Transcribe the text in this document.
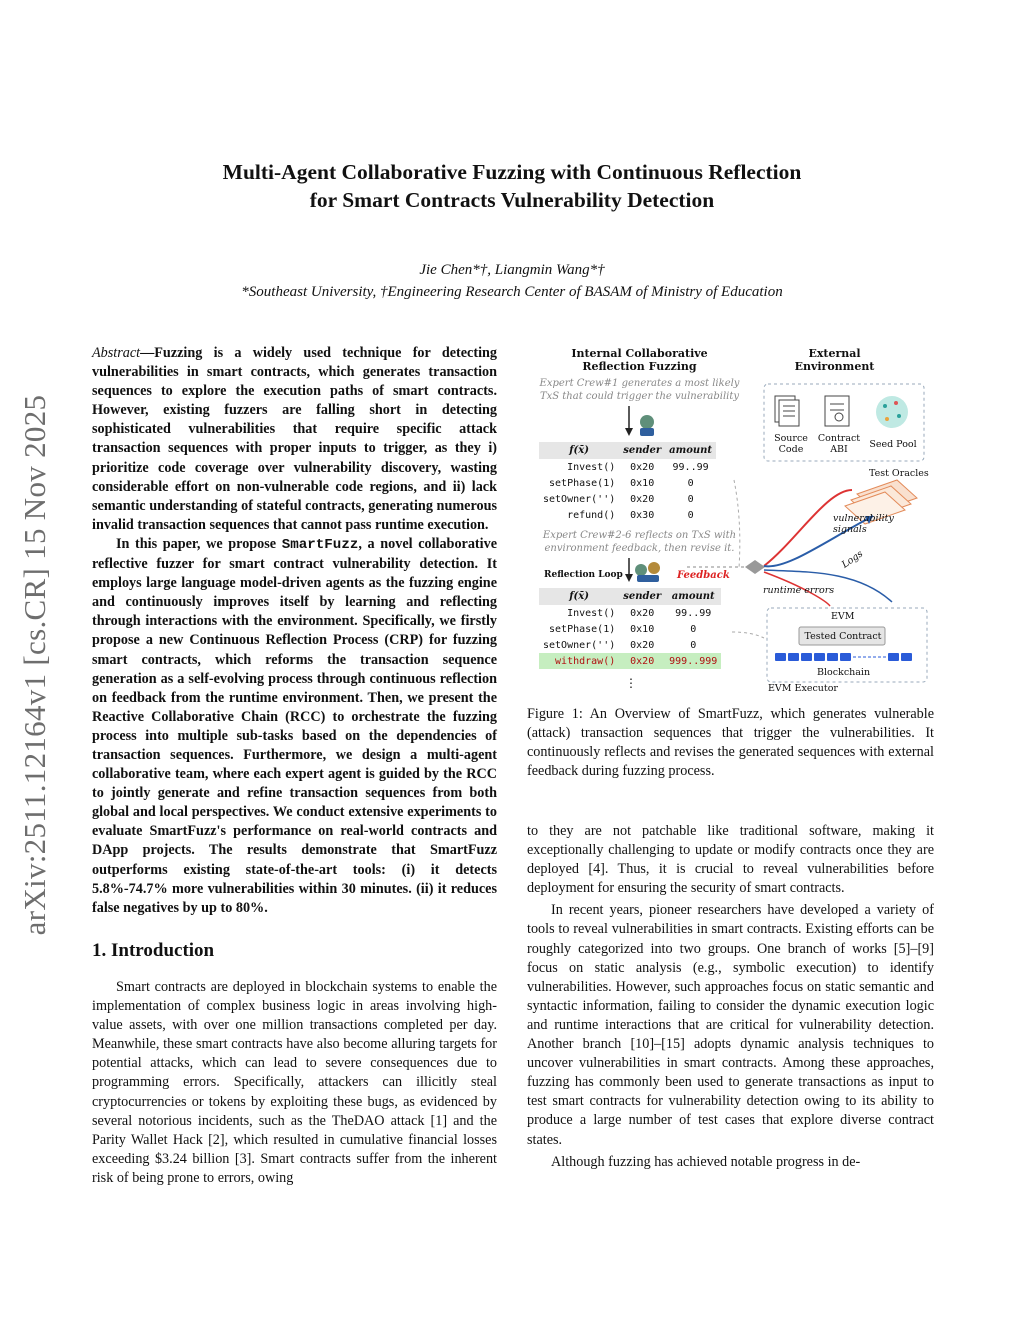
arXiv:2511.12164v1 [cs.CR] 15 Nov 2025
Multi-Agent Collaborative Fuzzing with Continuous Reflection
for Smart Contracts Vulnerability Detection
Jie Chen*†, Liangmin Wang*†
*Southeast University, †Engineering Research Center of BASAM of Ministry of Education

Abstract—Fuzzing is a widely used technique for detecting vulnerabilities in smart contracts, which generates transaction sequences to explore the execution paths of smart contracts. However, existing fuzzers are falling short in detecting sophisticated vulnerabilities that require specific attack transaction sequences with proper inputs to trigger, as they i) prioritize code coverage over vulnerability discovery, wasting considerable effort on non-vulnerable code regions, and ii) lack semantic understanding of stateful contracts, generating numerous invalid transaction sequences that cannot pass runtime execution.

In this paper, we propose SmartFuzz, a novel collaborative reflective fuzzer for smart contract vulnerability detection. It employs large language model-driven agents as the fuzzing engine and continuously improves itself by learning and reflecting through interactions with the environment. Specifically, we firstly propose a new Continuous Reflection Process (CRP) for fuzzing smart contracts, which reforms the transaction sequence generation as a self-evolving process through continuous reflection on feedback from the runtime environment. Then, we present the Reactive Collaborative Chain (RCC) to orchestrate the fuzzing process into multiple sub-tasks based on the dependencies of transaction sequences. Furthermore, we design a multi-agent collaborative team, where each expert agent is guided by the RCC to jointly generate and refine transaction sequences from both global and local perspectives. We conduct extensive experiments to evaluate SmartFuzz's performance on real-world contracts and DApp projects. The results demonstrate that SmartFuzz outperforms existing state-of-the-art tools: (i) it detects 5.8%-74.7% more vulnerabilities within 30 minutes. (ii) it reduces false negatives by up to 80%.

1. Introduction

Smart contracts are deployed in blockchain systems to enable the implementation of complex business logic in areas involving high-value assets, with over one million transactions completed per day. Meanwhile, these smart contracts have also become alluring targets for potential attacks, which can lead to severe consequences due to programming errors. Specifically, attackers can illicitly steal cryptocurrencies or tokens by exploiting these bugs, as evidenced by several notorious incidents, such as the TheDAO attack [1] and the Parity Wallet Hack [2], which resulted in cumulative financial losses exceeding $3.24 billion [3]. Smart contracts suffer from the inherent risk of being prone to errors, owing

Internal Collaborative Reflection Fuzzing
External Environment
Expert Crew#1 generates a most likely TxS that could trigger the vulnerability
f(x̄)	sender	amount
Invest()	0x20	99..99
setPhase(1)	0x10	0
setOwner('')	0x20	0
refund()	0x30	0
Expert Crew#2-6 reflects on TxS with environment feedback, then revise it.
Reflection Loop	Feedback
f(x̄)	sender	amount
Invest()	0x20	99..99
setPhase(1)	0x10	0
setOwner('')	0x20	0
withdraw()	0x20	999..999
⋮
Source Code
Contract ABI	Seed Pool
Test Oracles
vulnerability signals
Logs
runtime errors
EVM
Tested Contract
Blockchain
EVM Executor
Figure 1: An Overview of SmartFuzz, which generates vulnerable (attack) transaction sequences that trigger the vulnerabilities. It continuously reflects and revises the generated sequences with external feedback during fuzzing process.

to they are not patchable like traditional software, making it exceptionally challenging to update or modify contracts once they are deployed [4]. Thus, it is crucial to reveal vulnerabilities before deployment for ensuring the security of smart contracts.

In recent years, pioneer researchers have developed a variety of tools to reveal vulnerabilities in smart contracts. Existing efforts can be roughly categorized into two groups. One branch of works [5]–[9] focus on static analysis (e.g., symbolic execution) to identify vulnerabilities. However, such approaches focus on static semantic and syntactic information, failing to consider the dynamic execution logic and runtime interactions that are critical for vulnerability detection. Another branch [10]–[15] adopts dynamic analysis techniques to uncover vulnerabilities in smart contracts. Among these approaches, fuzzing has commonly been used to generate transactions as input to test smart contracts for vulnerability detection owing to its ability to produce a large number of test cases that explore diverse contract states.

Although fuzzing has achieved notable progress in de-
